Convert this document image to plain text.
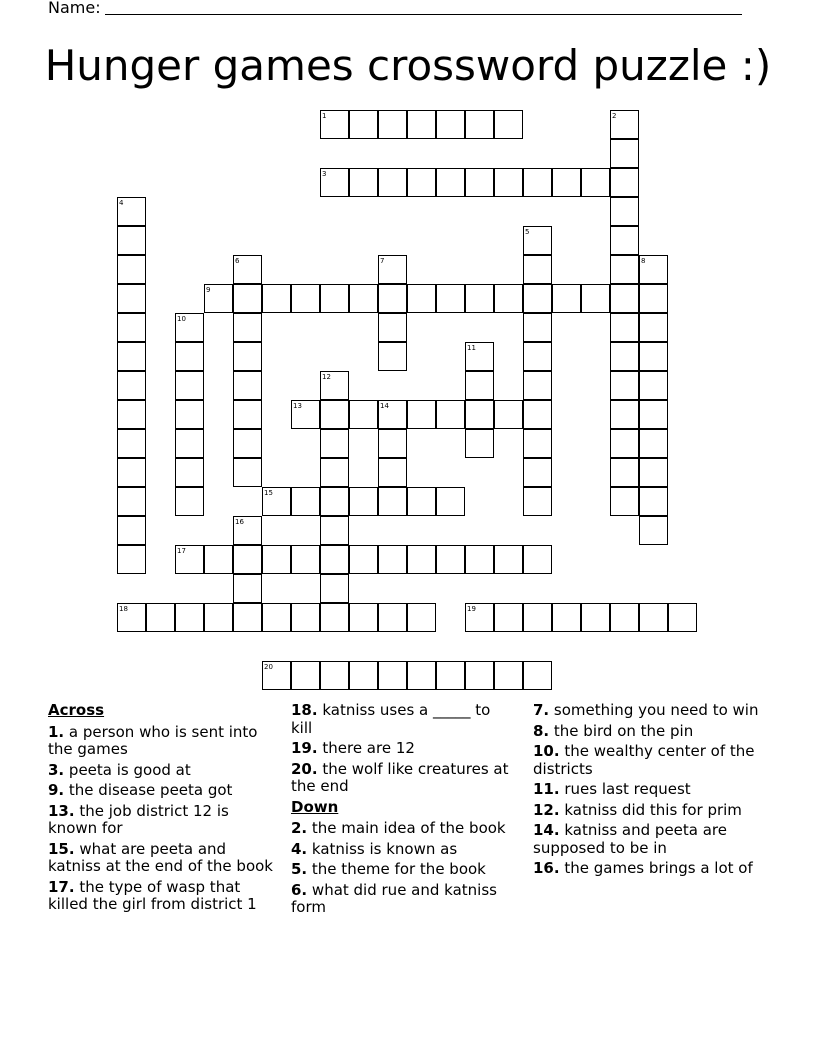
Name:
Hunger games crossword puzzle :)
1	2
3
4
5
6	7	8
9
10
11
12
13	14
15
16
17
18	19
20
Across
1. a person who is sent into the games
3. peeta is good at
9. the disease peeta got
13. the job district 12 is known for
15. what are peeta and katniss at the end of the book
17. the type of wasp that killed the girl from district 1
18. katniss uses a _____ to kill
19. there are 12
20. the wolf like creatures at the end
Down
2. the main idea of the book
4. katniss is known as
5. the theme for the book
6. what did rue and katniss form
7. something you need to win
8. the bird on the pin
10. the wealthy center of the districts
11. rues last request
12. katniss did this for prim
14. katniss and peeta are supposed to be in
16. the games brings a lot of
